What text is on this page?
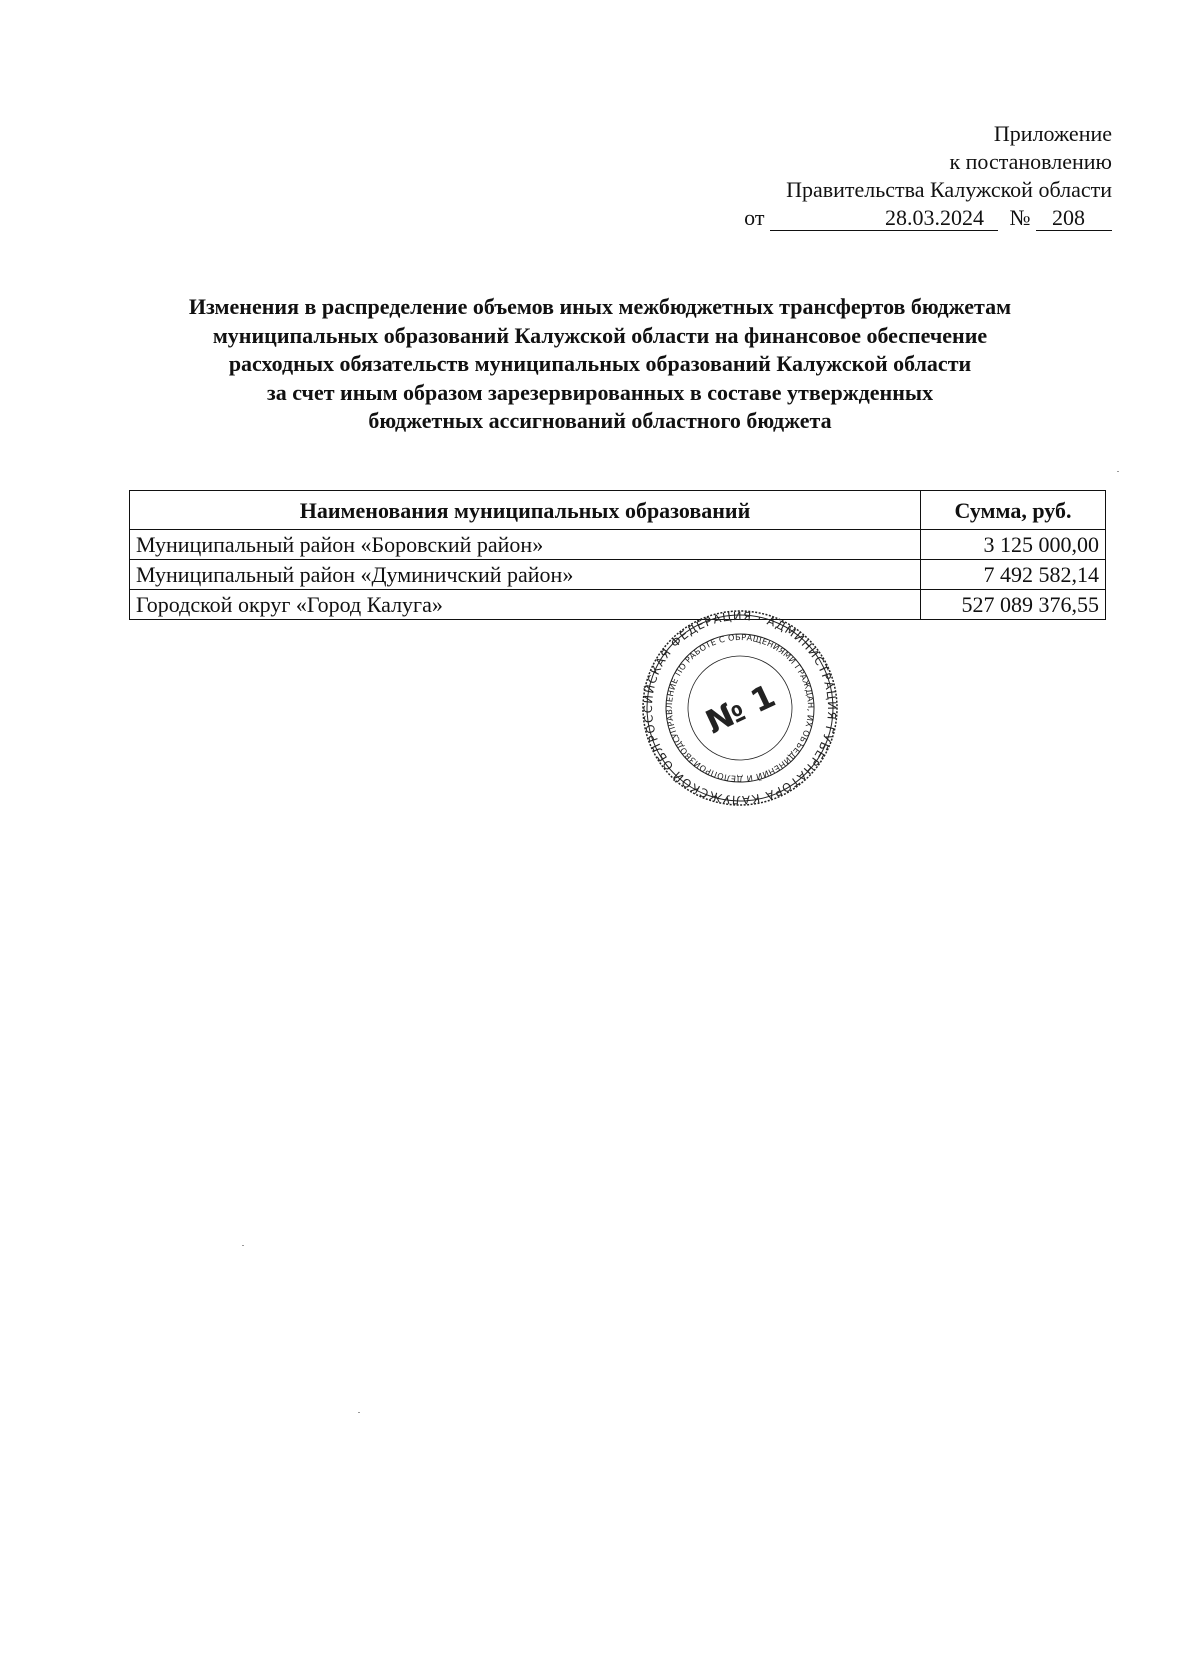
Приложение
к постановлению
Правительства Калужской области
от	28.03.2024 № 208
Изменения в распределение объемов иных межбюджетных трансфертов бюджетам
муниципальных образований Калужской области на финансовое обеспечение
расходных обязательств муниципальных образований Калужской области
за счет иным образом зарезервированных в составе утвержденных
бюджетных ассигнований областного бюджета
Наименования муниципальных образований	Сумма, руб.
Муниципальный район «Боровский район»	3 125 000,00
Муниципальный район «Думиничский район»	7 492 582,14
Городской округ «Город Калуга»	527 089 376,55
РОССИЙСКАЯ ФЕДЕРАЦИЯ · АДМИНИСТРАЦИЯ ГУБЕРНАТОРА КАЛУЖСКОЙ ОБЛАСТИ
УПРАВЛЕНИЕ ПО РАБОТЕ С ОБРАЩЕНИЯМИ ГРАЖДАН, ИХ ОБЪЕДИНЕНИЙ И ДЕЛОПРОИЗВОДСТВУ
№ 1
